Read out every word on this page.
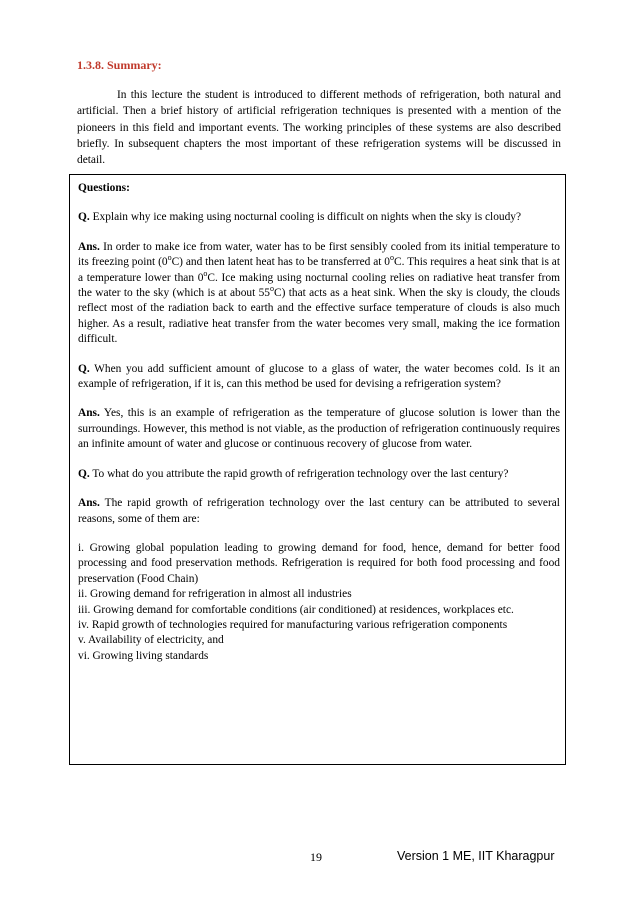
1.3.8. Summary:
In this lecture the student is introduced to different methods of refrigeration, both natural and artificial. Then a brief history of artificial refrigeration techniques is presented with a mention of the pioneers in this field and important events. The working principles of these systems are also described briefly. In subsequent chapters the most important of these refrigeration systems will be discussed in detail.
Questions:

Q. Explain why ice making using nocturnal cooling is difficult on nights when the sky is cloudy?

Ans. In order to make ice from water, water has to be first sensibly cooled from its initial temperature to its freezing point (0$^o$C) and then latent heat has to be transferred at 0$^o$C. This requires a heat sink that is at a temperature lower than 0$^o$C. Ice making using nocturnal cooling relies on radiative heat transfer from the water to the sky (which is at about 55$^o$C) that acts as a heat sink. When the sky is cloudy, the clouds reflect most of the radiation back to earth and the effective surface temperature of clouds is also much higher. As a result, radiative heat transfer from the water becomes very small, making the ice formation difficult.

Q. When you add sufficient amount of glucose to a glass of water, the water becomes cold. Is it an example of refrigeration, if it is, can this method be used for devising a refrigeration system?

Ans. Yes, this is an example of refrigeration as the temperature of glucose solution is lower than the surroundings. However, this method is not viable, as the production of refrigeration continuously requires an infinite amount of water and glucose or continuous recovery of glucose from water.

Q. To what do you attribute the rapid growth of refrigeration technology over the last century?

Ans. The rapid growth of refrigeration technology over the last century can be attributed to several reasons, some of them are:

i. Growing global population leading to growing demand for food, hence, demand for better food processing and food preservation methods. Refrigeration is required for both food processing and food preservation (Food Chain)
ii. Growing demand for refrigeration in almost all industries
iii. Growing demand for comfortable conditions (air conditioned) at residences, workplaces etc.
iv. Rapid growth of technologies required for manufacturing various refrigeration components
v. Availability of electricity, and
vi. Growing living standards
19	Version 1 ME, IIT Kharagpur
